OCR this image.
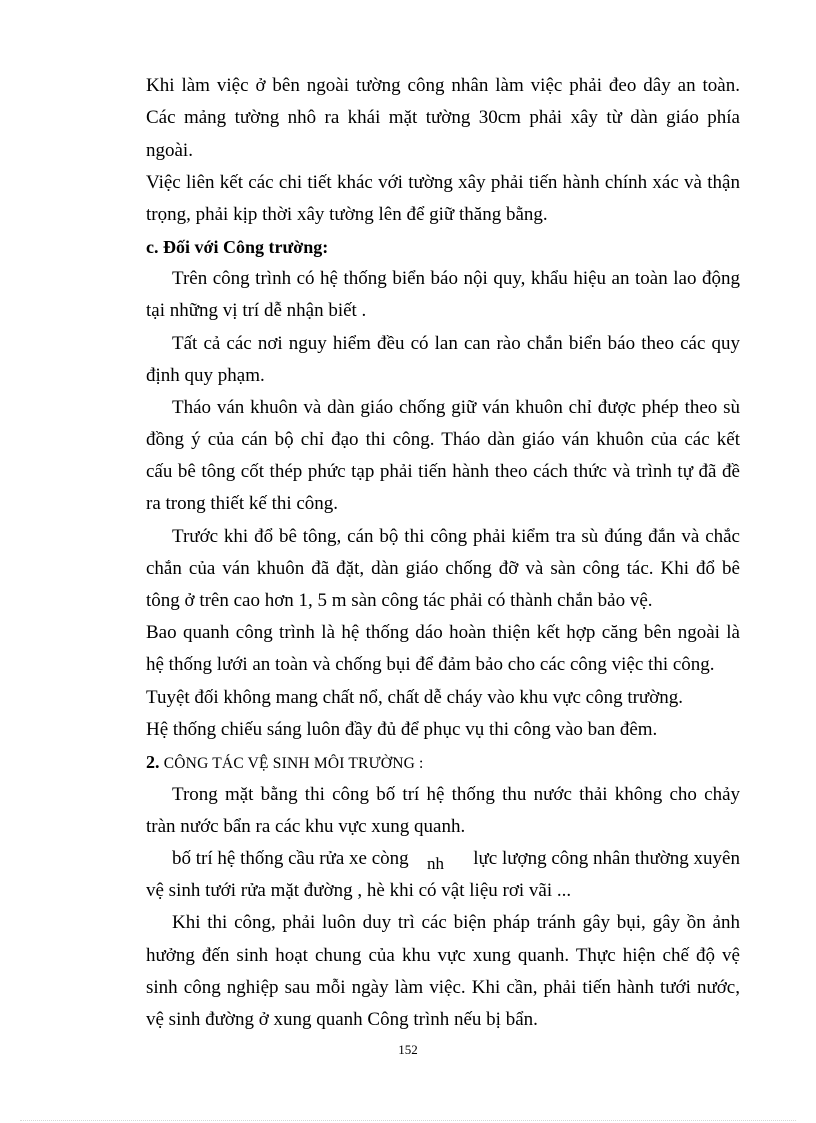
Khi làm việc ở bên ngoài tường công nhân làm việc phải đeo dây an toàn.
Các mảng tường nhô ra khái mặt tường 30cm phải xây từ dàn giáo phía
ngoài.
Việc liên kết các chi tiết khác với tường xây phải tiến hành chính xác và thận
trọng, phải kịp thời xây tường lên để giữ thăng bằng.
c. Đối với Công trường:
Trên công trình có hệ thống biển báo nội quy, khẩu hiệu an toàn lao động
tại những vị trí dễ nhận biết .
Tất cả các nơi nguy hiểm đều có lan can rào chắn biển báo theo các quy
định quy phạm.
Tháo ván khuôn và dàn giáo chống giữ ván khuôn chỉ được phép theo sù
đồng ý của cán bộ chỉ đạo thi công. Tháo dàn giáo ván khuôn của các kết
cấu bê tông cốt thép phức tạp phải tiến hành theo cách thức và trình tự đã đề
ra trong thiết kế thi công.
Trước khi đổ bê tông, cán bộ thi công phải kiểm tra sù đúng đắn và chắc
chắn của ván khuôn đã đặt, dàn giáo chống đỡ và sàn công tác. Khi đổ bê
tông ở trên cao hơn 1, 5 m sàn công tác phải có thành chắn bảo vệ.
Bao quanh công trình là hệ thống dáo hoàn thiện kết hợp căng bên ngoài là
hệ thống lưới an toàn và chống bụi để đảm bảo cho các công việc thi công.
Tuyệt đối không mang chất nổ, chất dễ cháy vào khu vực công trường.
Hệ thống chiếu sáng luôn đầy đủ để phục vụ thi công vào ban đêm.
2. CÔNG TÁC VỆ SINH MÔI TRƯỜNG :
Trong mặt bằng thi công bố trí hệ thống thu nước thải không cho chảy
tràn nước bẩn ra các khu vực xung quanh.
bố trí hệ thống cầu rửa xe còng nh lực lượng công nhân thường xuyên
vệ sinh tưới rửa mặt đường , hè khi có vật liệu rơi vãi ...
Khi thi công, phải luôn duy trì các biện pháp tránh gây bụi, gây ồn ảnh
hưởng đến sinh hoạt chung của khu vực xung quanh. Thực hiện chế độ vệ
sinh công nghiệp sau mỗi ngày làm việc. Khi cần, phải tiến hành tưới nước,
vệ sinh đường ở xung quanh Công trình nếu bị bẩn.
152
